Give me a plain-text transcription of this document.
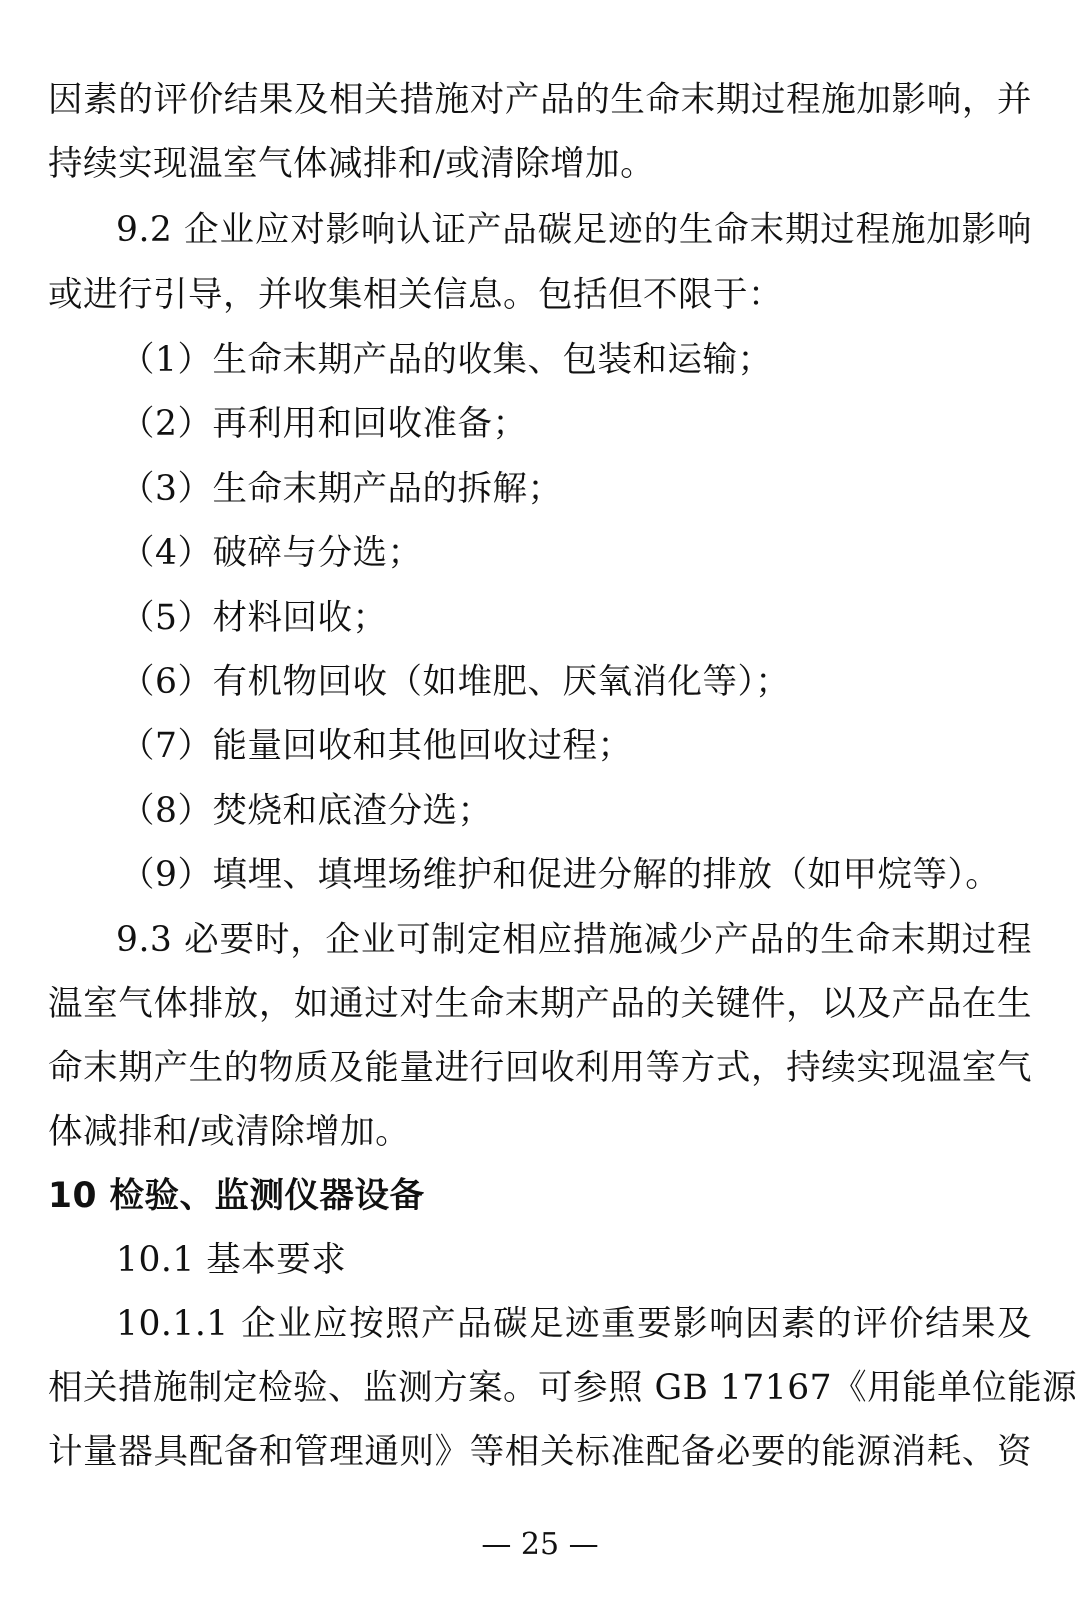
因素的评价结果及相关措施对产品的生命末期过程施加影响，并
持续实现温室气体减排和/或清除增加。
9.2 企业应对影响认证产品碳足迹的生命末期过程施加影响
或进行引导，并收集相关信息。包括但不限于：
（1）生命末期产品的收集、包装和运输；
（2）再利用和回收准备；
（3）生命末期产品的拆解；
（4）破碎与分选；
（5）材料回收；
（6）有机物回收（如堆肥、厌氧消化等）；
（7）能量回收和其他回收过程；
（8）焚烧和底渣分选；
（9）填埋、填埋场维护和促进分解的排放（如甲烷等）。
9.3 必要时，企业可制定相应措施减少产品的生命末期过程
温室气体排放，如通过对生命末期产品的关键件，以及产品在生
命末期产生的物质及能量进行回收利用等方式，持续实现温室气
体减排和/或清除增加。
10 检验、监测仪器设备
10.1 基本要求
10.1.1 企业应按照产品碳足迹重要影响因素的评价结果及
相关措施制定检验、监测方案。可参照 GB 17167《用能单位能源
计量器具配备和管理通则》等相关标准配备必要的能源消耗、资
— 25 —
